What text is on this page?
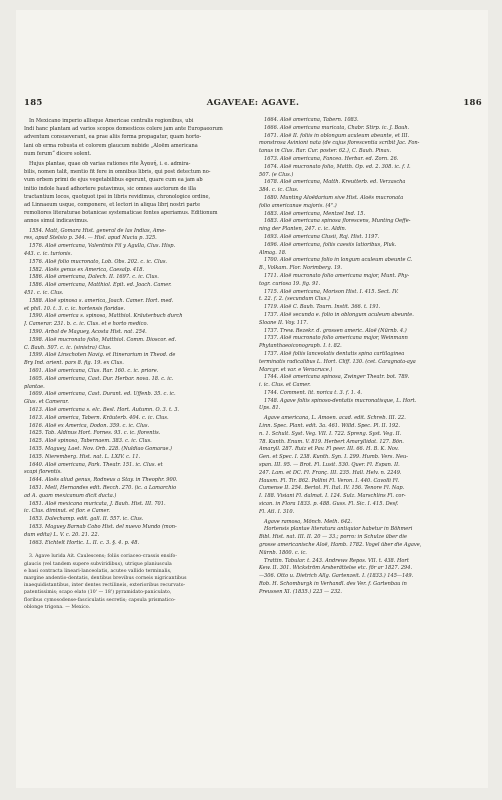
AGAVEAE: AGAVE.
185	186
In Mexicano imperio allisque Americae centralis regionibus, ubi
Indi hanc plantam ad varios scopos domesticos colere jam ante Europaeorum
adventum consueverant, ea prae aliis forma propagatur, quam horto-
lani ob erma robusta et colorem glaucum nubide „Aloëm americana
num ferum“ dicere solent.
Hujus plantae, quae ob varias rationes rite Ἀγαυή, i. e. admira-
bilis, nomen talit, mentio fit fere in omnibus libris, qui post detectum no-
vum orbem primi de ejus vegetabilibus egerunt, quare cum ea jam ab
initio indole haud adhortere putavimus, sic omnes auctorum de illa
tractantium locos, quotquot ipsi in libris revidimus, chronologice ordine,
ad Linnaeum usque, componere, et lectori in aliqua librį nostri parte
remoliores literaturae botanicae systematicae fontes aperiamus. Editionum
annos simul indicavimus.
1554. Matt, Gomara Hist. general de las Indias, Ame-
res, apud Stelsio p. 344. — Hisl. apud Nuciu p. 325.
1576. Aloë americana, Valentinis Fil y Agulla, Clus. Hisp.
443. c. ic. turionis.
1576. Aloë folio mucronato, Lob. Obs. 202. c. ic. Clus.
1582. Aloës genus ex America, Caesalp. 418.
1586. Aloë americana, Dalech. II. 1697. c. ic. Clus.
1586. Aloë americana, Matthiol. Epit. ed. Joach. Camer.
451. c. ic. Clus.
1588. Aloë spinosa s. america, Joach. Camer. Hort. med.
et phil. 10. t. 3. c. ic. hortensis floridae.
1590. Aloë america s. spinosa, Matthiol. Kräuterbuch durch
J. Camerar. 231. b. c. ic. Clus. et e horto medico.
1590. Arbol de Maguey, Acosta Hist. nat. 254.
1598. Aloë mucronato folio, Matthiol. Comm. Dioscor. ed.
C. Bauh. 507. c. ic. (sinistra) Clus.
1599. Aloë Linschoten Navig. et Itinerarium in Theod. de
Bry Ind. orient. pars 8. fig. 19. ex Clus.
1601. Aloë americana, Clus. Rar. 160. c. ic. priore.
1605. Aloë americana, Cast. Dur. Herbar. nova. 18. c. ic.
plantae.
1609. Aloë americana, Cast. Durant. ed. Uffenb. 35. c. ic.
Glus. et Camerar.
1613. Aloë americana s. elc. Besl. Hort. Autumn. O. 3. t. 3.
1613. Aloë america, Tabern. Kräuterb. 404. c. ic. Clus.
1616. Aloë ex America, Dodon. 359. c. ic. Clus.
1625. Tab. Aldinus Hort. Fornes. 93. c. ic. florentis.
1625. Aloë spinosa, Tabernaem. 383. c. ic. Clus.
1635. Maguey, Laet. Nov. Orb. 228. (Nuldiao Gomarae.)
1635. Nieremberg. Hist. nat. L. LXIV. c. 11.
1640. Aloë americana, Park. Theatr. 151. ic. Clus. et
scapi florentis.
1644. Aloës aliud genus, Rodneus a Stay. in Theophr. 900.
1651. Metl, Hernandes edit. Recch. 270. (ic. a Lamarchio
ad A. quam mexicanum dicit ducta.)
1651. Aloë mexicana muricata, J. Bauh. Hist. III. 701.
ic. Clus. diminut. et flor. e Camer.
1653. Dalechamp. edit. gall. II. 557. ic. Clus.
1653. Maguey Barnab Cobo Hist. del nuevo Mundo (mon-
dum edita) L. V. c. 20. 21. 22.
1663. Eichtelt Hortic. L. II. c. 3. §. 4. p. 48.
3. Agave lurida Ait. Caulescens; foliis coriaceo-crassis ensifo-
glaucis (vel tandem supere subviridibus), utrique planiuscula
e basi contracta lineari-lanceolatis, acuteo vallido terminalis,
margine andentio-dentatis, dentibus brevibus corneis nigricantibus
inaequidistantibus, inter dentes rectilineis, exterioribus recurvato-
patentissimis; scapo elato (10' — 18') pyramidato-paniculato,
floribus cymosodense-fasciculatis secretis; capsula prismatico-
oblonge trigona. — Mexico.
1664. Aloë americana, Tabern. 1083.
1666. Aloë americana muricata, Chabr. Stirp. ic. J. Bauh.
1671. Aloë II. foliis in oblongum aculeum abeunte, et III.
monstrosa Avinioni nata (de cujus florescentia scribit Jac. Fon-
tanus in Clus. Rar. Cur. poster. 62.), C. Bauh. Pinax.
1673. Aloë americana, Fanceo. Herbar. ed. Zorn. 26.
1674. Aloë mucronato folio, Matth. Op. ed. 2. 308. ic. f. I.
507. (e Clus.)
1678. Aloë americana, Matth. Kreutterb. ed. Verzascha
384. c. ic. Clus.
1680. Munting Aloëdarium sive Hist. Aloës mucronata
folio americanae majoris. (4°.)
1683. Aloë americana, Mentzel Ind. 15.
1683. Aloë americana spinosa florescens, Munting Oeffe-
ning der Planten, 247. c. ic. Aldin.
1693. Aloë americana Clusii, Raj. Hist. 1197.
1696. Aloë americana, foliis caesiis latioribus, Pluk.
Almag. 18.
1700. Aloë americana folio in longum aculeum abeunte C.
B., Volkam. Flor. Norimberg. 19.
1711. Aloë mucronato folio americana major, Munt. Phy-
togr. curiosa 19. fig. 91.
1715. Aloë americana, Morison Hist. I. 415. Sect. IV.
t. 22. f. 2. (secundum Clus.)
1719. Aloë C. Bauh. Tourn. Instit. 366. t. 191.
1737. Aloë secunda e. folio in oblongum aculeum abeunte.
Sloane II. Voy. 117.
1737. Trew. Rezekr. d. grossen americ. Aloë (Nürnb. 4.)
1737. Aloë mucronato folio americana major, Weinmann
Phytanthaeoiconograph. I. t. 82.
1737. Aloë foliis lanceolatis dentatis spina cartilaginea
terminatis radicalibus L. Hort. Cliff. 130. (cet. Caragnata-aya
Marcgr. et var. e Veracruce.)
1744. Aloë americana spinosa, Zwinger Theatr. bot. 789.
i. ic. Clus. et Camer.
1744. Comment. lit. norica t. 3. f. 1. 4.
1748. Agave foliis spinoso-dentatis mucronatisque, L. Hort.
Ups. 81.
Agave americana, L. Amoen. acad. edit. Schreb. III. 22.
Linn. Spec. Plant. edit. 3a. 461. Willd. Spec. Pl. II. 192.
n. 1. Schult. Syst. Veg. VII. I. 722. Spreng. Syst. Veg. II.
78. Kunth. Enum. V. 819. Herbert Amaryllidat. 127. Bön.
Amaryll. 287. Ruiz et Pav. Fl peer. III. 66. H. B. K. Nov.
Gen. et Spec. I. 238. Kunth. Syn. I. 299. Humb. Vers. Neu-
span. III. 95. — Brot. Fl. Lusit. 530. Quer. Fl. Espan. II.
247. Lam. et DC. Fl. Franç. III. 235. Hall. Helv. n. 2249.
Hausm. Fl. Tir. 862. Pollini Fl. Veron. I. 440. Cavolli Fl.
Cumense II. 254. Bertol. Fl. Ital. IV. 156. Tenore Fl. Nap.
I. 188. Visiani Fl. dalmat. I. 124. Sulz. Marschlins Fl. cor-
sican. in Flora 1833. p. 488. Guss. Fl. Sic. I. 415. Desf.
Fl. Atl. I. 310.
Agave ramosa, Mönch. Meth. 642.
Hortensis plantae literatura antiquior habetur in Böhmeri
Bibl. Hist. nat. III. II. 20 — 33.; porro: in Schulze über die
grosse americanische Aloë, Hamb. 1782. Vogel über die Agave,
Nürnb. 1800. c. ic.
Trattin. Tabular. t. 243. Andrews Repos. VII. t. 438. Hort
Kew. II. 301. Wickström Arsberättelse etc. för ar 1827. 294.
—306. Otto u. Dietrich Allg. Gartenzeit. I. (1833.) 145—149.
Rob. H. Schomburgk in Verhandl. des Ver. f. Gartenbau in
Preussen XI. (1835.) 223 — 232.
